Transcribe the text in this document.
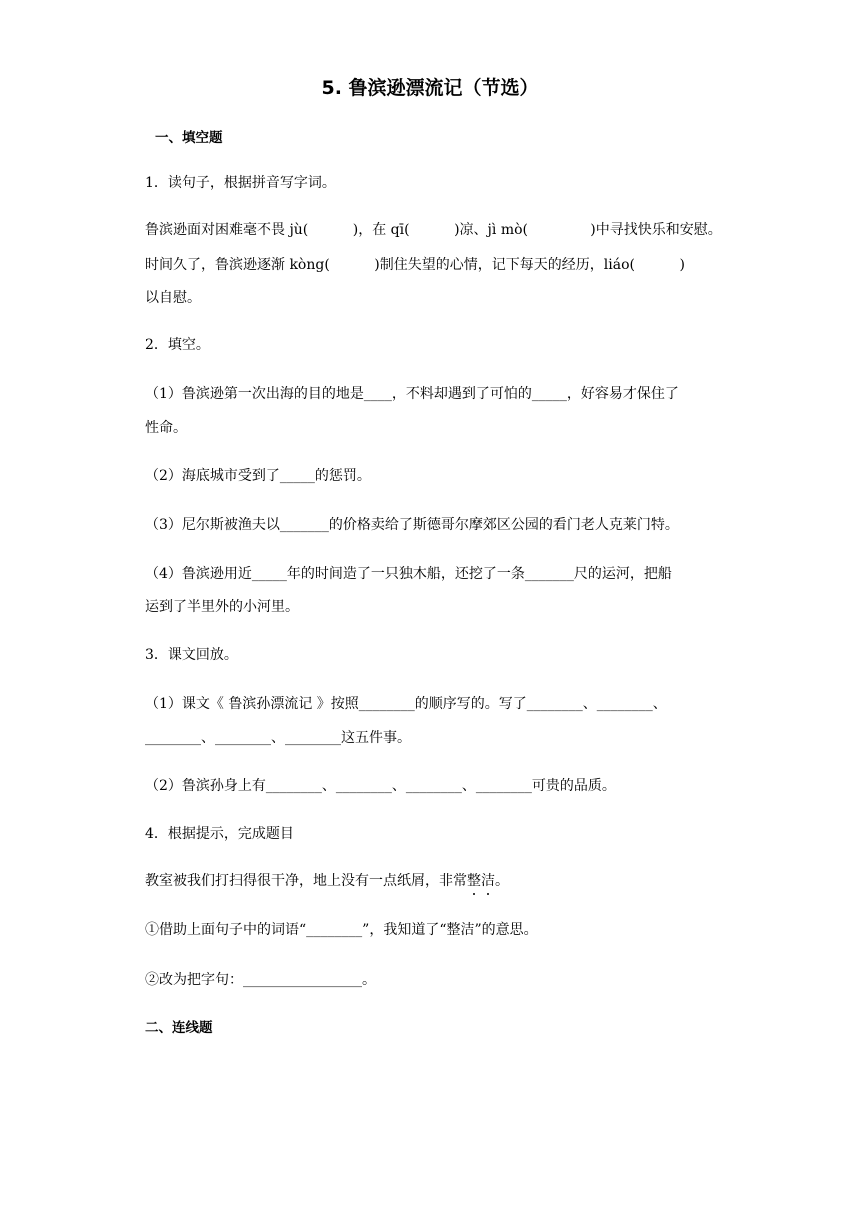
5. 鲁滨逊漂流记（节选）
一、填空题
1．读句子，根据拼音写字词。
鲁滨逊面对困难毫不畏 jù(          )，在 qī(          )凉、jì mò(              )中寻找快乐和安慰。
时间久了，鲁滨逊逐渐 kòng(          )制住失望的心情，记下每天的经历，liáo(          )
以自慰。
2．填空。
（1）鲁滨逊第一次出海的目的地是____，不料却遇到了可怕的_____，好容易才保住了
性命。
（2）海底城市受到了_____的惩罚。
（3）尼尔斯被渔夫以_______的价格卖给了斯德哥尔摩郊区公园的看门老人克莱门特。
（4）鲁滨逊用近_____年的时间造了一只独木船，还挖了一条_______尺的运河，把船
运到了半里外的小河里。
3．课文回放。
（1）课文《 鲁滨孙漂流记 》按照________的顺序写的。写了________、________、
________、________、________这五件事。
（2）鲁滨孙身上有________、________、________、________可贵的品质。
4．根据提示，完成题目
教室被我们打扫得很干净，地上没有一点纸屑，非常整洁。
①借助上面句子中的词语“________”，我知道了“整洁”的意思。
②改为把字句：_________________。
二、连线题
